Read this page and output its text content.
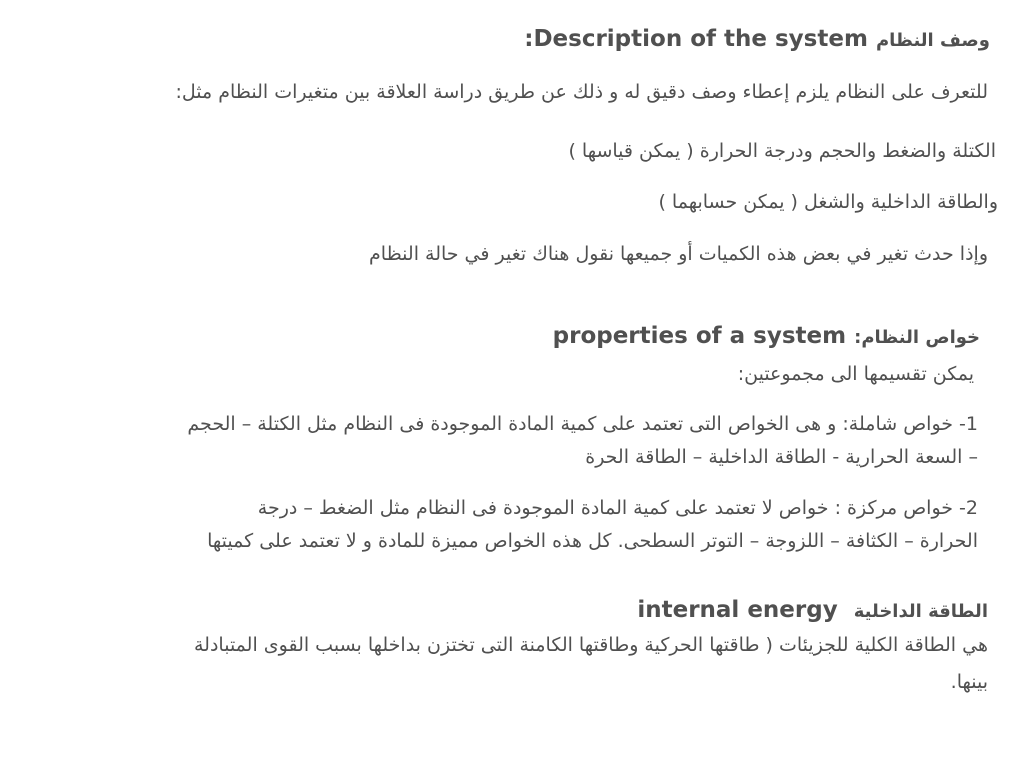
وصف النظام Description of the system:
للتعرف على النظام يلزم إعطاء وصف دقيق له و ذلك عن طريق دراسة العلاقة بين متغيرات النظام مثل:
الكتلة والضغط والحجم ودرجة الحرارة ( يمكن قياسها )
والطاقة الداخلية والشغل ( يمكن حسابهما )
وإذا حدث تغير في بعض هذه الكميات أو جميعها نقول هناك تغير في حالة النظام
خواص النظام: properties of a system
يمكن تقسيمها الى مجموعتين:
1- خواص شاملة: و هى الخواص التى تعتمد على كمية المادة الموجودة فى النظام مثل الكتلة – الحجم
– السعة الحرارية - الطاقة الداخلية – الطاقة الحرة
2- خواص مركزة : خواص لا تعتمد على كمية المادة الموجودة فى النظام مثل الضغط – درجة
الحرارة – الكثافة – اللزوجة – التوتر السطحى. كل هذه الخواص مميزة للمادة و لا تعتمد على كميتها
الطاقة الداخلية  internal energy
هي الطاقة الكلية للجزيئات ( طاقتها الحركية وطاقتها الكامنة التى تختزن بداخلها بسبب القوى المتبادلة
بينها.
